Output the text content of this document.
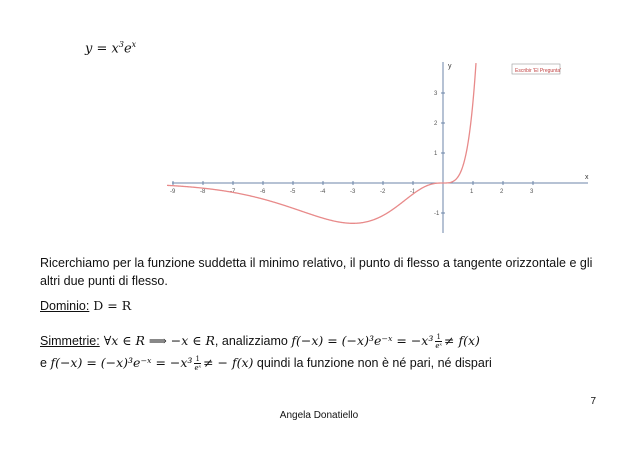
$y = x^3e^x$
Escribir 'El Pregunta'
x
y
-9	-8	-7	-6	-5	-4	-3	-2	-1	1	2	3
3
2
1
-1
Ricerchiamo per la funzione suddetta il minimo relativo, il punto di flesso a tangente orizzontale e gli altri due punti di flesso.
Dominio: D = R
Simmetrie: ∀x ∈ R ⟹ −x ∈ R, analizziamo f(−x) = (−x)³e⁻ˣ = $-x^3 \frac{1}{\text{eˣ}} \ne f(x)$
e f(−x) = (−x)³e⁻ˣ = $-x^3 \frac{1}{\text{eˣ}}$ ≠ − f(x) quindi la funzione non è né pari, né dispari
7
Angela Donatiello
